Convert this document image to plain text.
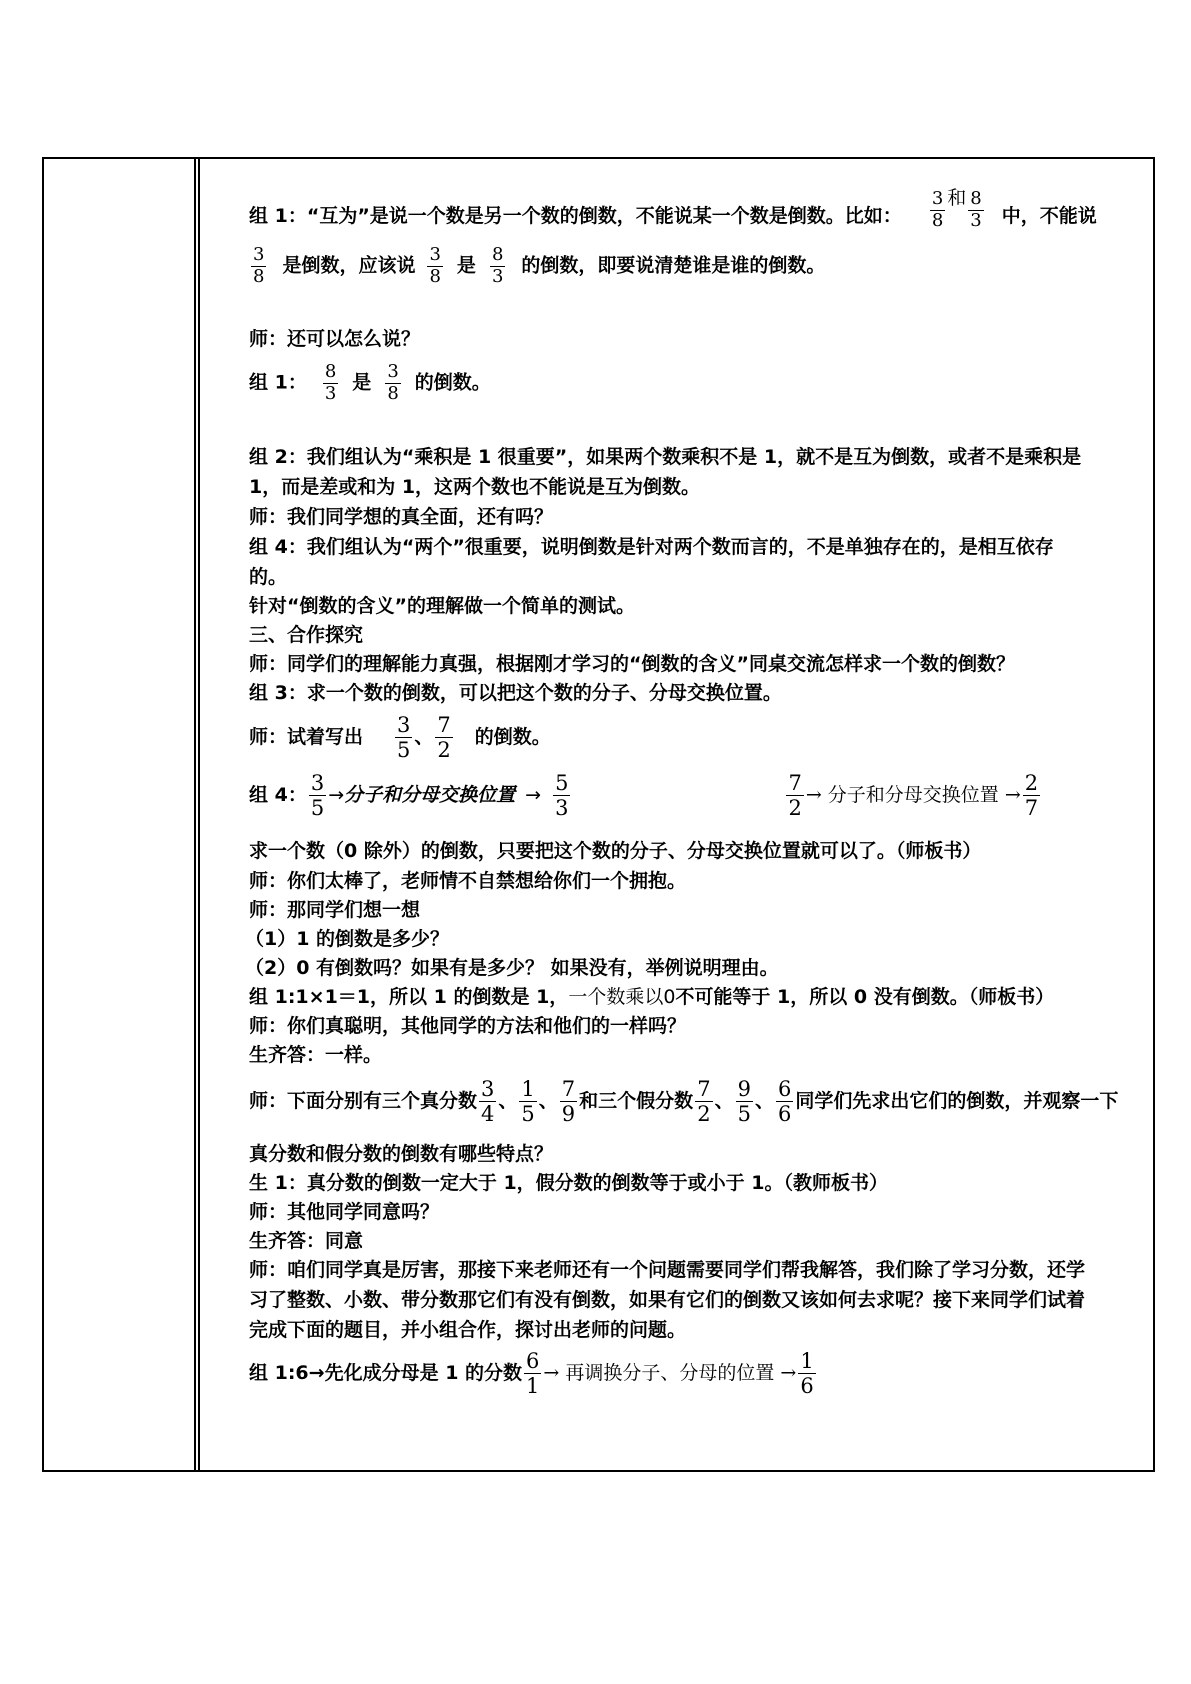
组 1：“互为”是说一个数是另一个数的倒数，不能说某一个数是倒数。比如： $\frac{3}{8}$ 和 $\frac{8}{3}$ 中，不能说
$\frac{3}{8}$ 是倒数，应该说 $\frac{3}{8}$ 是 $\frac{8}{3}$ 的倒数，即要说清楚谁是谁的倒数。
师：还可以怎么说？
组 1： $\frac{8}{3}$ 是 $\frac{3}{8}$ 的倒数。
组 2：我们组认为“乘积是 1 很重要”，如果两个数乘积不是 1，就不是互为倒数，或者不是乘积是
1，而是差或和为 1，这两个数也不能说是互为倒数。
师：我们同学想的真全面，还有吗？
组 4：我们组认为“两个”很重要，说明倒数是针对两个数而言的，不是单独存在的，是相互依存
的。
针对“倒数的含义”的理解做一个简单的测试。
三、合作探究
师：同学们的理解能力真强，根据刚才学习的“倒数的含义”同桌交流怎样求一个数的倒数？
组 3：求一个数的倒数，可以把这个数的分子、分母交换位置。
师：试着写出 $\frac{3}{5}$ 、 $\frac{7}{2}$ 的倒数。
组 4： $\frac{3}{5}$ →分子和分母交换位置 → $\frac{5}{3}$	$\frac{7}{2}$ → 分子和分母交换位置 → $\frac{2}{7}$
求一个数（0 除外）的倒数，只要把这个数的分子、分母交换位置就可以了。（师板书）
师：你们太棒了，老师情不自禁想给你们一个拥抱。
师：那同学们想一想
（1）1 的倒数是多少？
（2）0 有倒数吗？如果有是多少？ 如果没有，举例说明理由。
组 1:1×1＝1，所以 1 的倒数是 1，一个数乘以0不可能等于 1，所以 0 没有倒数。（师板书）
师：你们真聪明，其他同学的方法和他们的一样吗？
生齐答：一样。
师：下面分别有三个真分数 $\frac{3}{4}$ 、 $\frac{1}{5}$ 、 $\frac{7}{9}$ 和三个假分数 $\frac{7}{2}$ 、 $\frac{9}{5}$ 、 $\frac{6}{6}$ 同学们先求出它们的倒数，并观察一下
真分数和假分数的倒数有哪些特点？
生 1：真分数的倒数一定大于 1，假分数的倒数等于或小于 1。（教师板书）
师：其他同学同意吗？
生齐答：同意
师：咱们同学真是厉害，那接下来老师还有一个问题需要同学们帮我解答，我们除了学习分数，还学
习了整数、小数、带分数那它们有没有倒数，如果有它们的倒数又该如何去求呢？接下来同学们试着
完成下面的题目，并小组合作，探讨出老师的问题。
组 1:6→先化成分母是 1 的分数 $\frac{6}{1}$ → 再调换分子、分母的位置 → $\frac{1}{6}$
